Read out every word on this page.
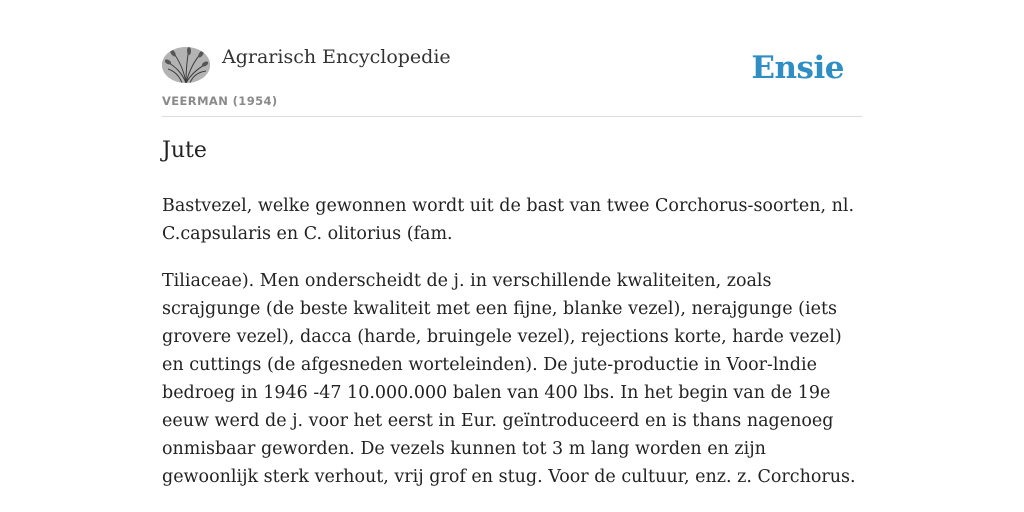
Agrarisch Encyclopedie
VEERMAN (1954)
Ensie
Jute

Bastvezel, welke gewonnen wordt uit de bast van twee Corchorus-soorten, nl. C.capsularis en C. olitorius (fam.

Tiliaceae). Men onderscheidt de j. in verschillende kwaliteiten, zoals scrajgunge (de beste kwaliteit met een fijne, blanke vezel), nerajgunge (iets grovere vezel), dacca (harde, bruingele vezel), rejections korte, harde vezel) en cuttings (de afgesneden worteleinden). De jute-productie in Voor-lndie bedroeg in 1946 -47 10.000.000 balen van 400 lbs. In het begin van de 19e eeuw werd de j. voor het eerst in Eur. geïntroduceerd en is thans nagenoeg onmisbaar geworden. De vezels kunnen tot 3 m lang worden en zijn gewoonlijk sterk verhout, vrij grof en stug. Voor de cultuur, enz. z. Corchorus.
